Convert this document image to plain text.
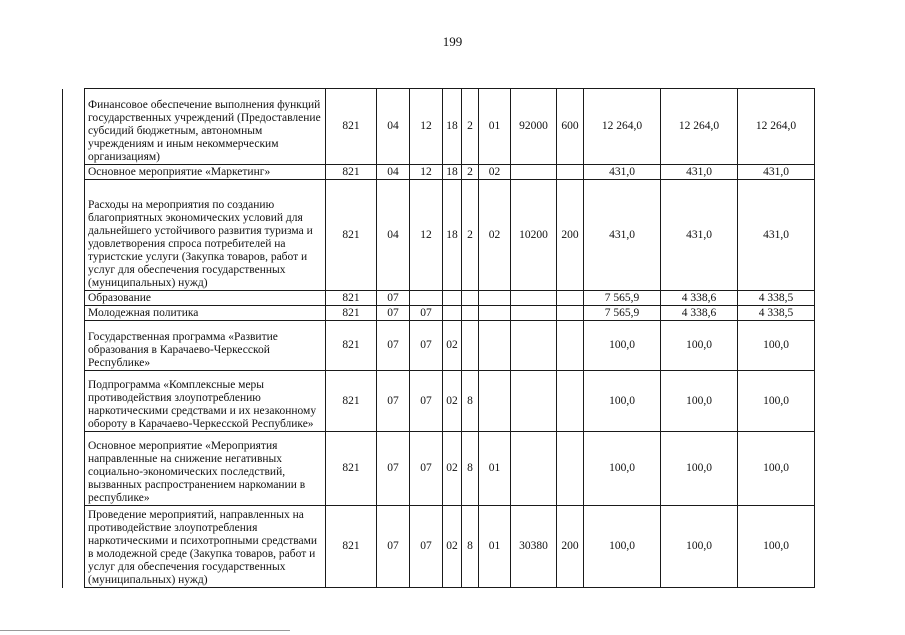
199
	Финансовое обеспечение выполнения функций государственных учреждений (Предоставление субсидий бюджетным, автономным учреждениям и иным некоммерческим организациям)	821	04	12	18	2	01	92000	600	12 264,0	12 264,0	12 264,0
	Основное мероприятие «Маркетинг»	821	04	12	18	2	02			431,0	431,0	431,0
	Расходы на мероприятия по созданию благоприятных экономических условий для дальнейшего устойчивого развития туризма и удовлетворения спроса потребителей на туристские услуги (Закупка товаров, работ и услуг для обеспечения государственных (муниципальных) нужд)	821	04	12	18	2	02	10200	200	431,0	431,0	431,0
	Образование	821	07							7 565,9	4 338,6	4 338,5
	Молодежная политика	821	07	07						7 565,9	4 338,6	4 338,5
	Государственная программа «Развитие образования в Карачаево-Черкесской Республике»	821	07	07	02					100,0	100,0	100,0
	Подпрограмма «Комплексные меры противодействия злоупотреблению наркотическими средствами и их незаконному обороту в Карачаево-Черкесской Республике»	821	07	07	02	8				100,0	100,0	100,0
	Основное мероприятие «Мероприятия направленные на снижение негативных социально-экономических последствий, вызванных распространением наркомании в республике»	821	07	07	02	8	01			100,0	100,0	100,0
	Проведение мероприятий, направленных на противодействие злоупотребления наркотическими и психотропными средствами в молодежной среде (Закупка товаров, работ и услуг для обеспечения государственных (муниципальных) нужд)	821	07	07	02	8	01	30380	200	100,0	100,0	100,0
